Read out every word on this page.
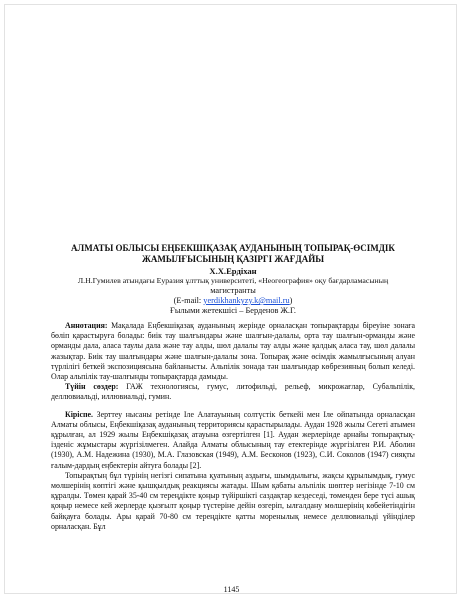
АЛМАТЫ ОБЛЫСЫ ЕҢБЕКШІҚАЗАҚ АУДАНЫНЫҢ ТОПЫРАҚ-ӨСІМДІК
ЖАМЫЛҒЫСЫНЫҢ ҚАЗІРГІ ЖАҒДАЙЫ
Х.Х.Ердіхан
Л.Н.Гумилев атындағы Еуразия ұлттық университеті, «Неогеография» оқу бағдарламасының
магистранты
(E-mail: yerdikhankyzy.k@mail.ru)
Ғылыми жетекшісі – Берденов Ж.Г.

Аннотация: Мақалада Еңбекшіқазақ ауданының жерінде орналасқан топырақтарды біреуіне зонаға бөліп қарастыруға болады: биік тау шалғындары және шалғын-далалы, орта тау шалғын-орманды және орманды дала, аласа таулы дала және тау алды, шөл далалы тау алды және қалдық аласа тау, шөл далалы жазықтар. Биік тау шалғындары және шалғын-далалы зона. Топырақ және өсімдік жамылғысының алуан түрлілігі беткей экспозициясына байланысты. Альпілік зонада тән шалғындар көбрезияның болып келеді. Олар альпілік тау-шалғынды топырақтарда дамыды.

Түйін сөздер: ГАЖ технологиясы, гумус, литофильді, рельеф, микрожағлар, Субальпілік, деллювиальді, иллювиальді, гумин.

Кіріспе. Зерттеу нысаны ретінде Іле Алатауының солтүстік беткейі мен Іле ойпатында орналасқан Алматы облысы, Еңбекшіқазақ ауданының территориясы қарастырылады. Аудан 1928 жылы Сегеті атымен құрылған, ал 1929 жылы Еңбекшіқазақ атауына өзгертілген [1]. Аудан жерлерінде арнайы топырақтық-ізденіс жұмыстары жүргізілмеген. Алайда Алматы облысының тау етектерінде жүргізілген Р.И. Аболин (1930), А.М. Надежина (1930), М.А. Глазовская (1949), А.М. Бесконов (1923), С.И. Соколов (1947) сияқты ғалым-дардың еңбектерін айтуға болады [2].

Топырақтың бұл түрінің негізгі сипатына қуатының аздығы, шымдылығы, жақсы құрылымдық, гумус мөлшерінің көптігі және қышқылдық реакциясы жатады. Шым қабаты альпілік шөптер негізінде 7-10 см құралды. Төмен қарай 35-40 см тереңдікте қоңыр түйіршікті саздақтар кездеседі, төменден бере түсі ашық қоңыр немесе кей жерлерде қызғылт қоңыр түстеріне дейін өзгеріп, ылғалдану мөлшерінің көбейетіндігін байқауға болады. Ары қарай 70-80 см тереңдікте қатты моренылық немесе деллювиальді үйінділер орналасқан. Бұл

1145
